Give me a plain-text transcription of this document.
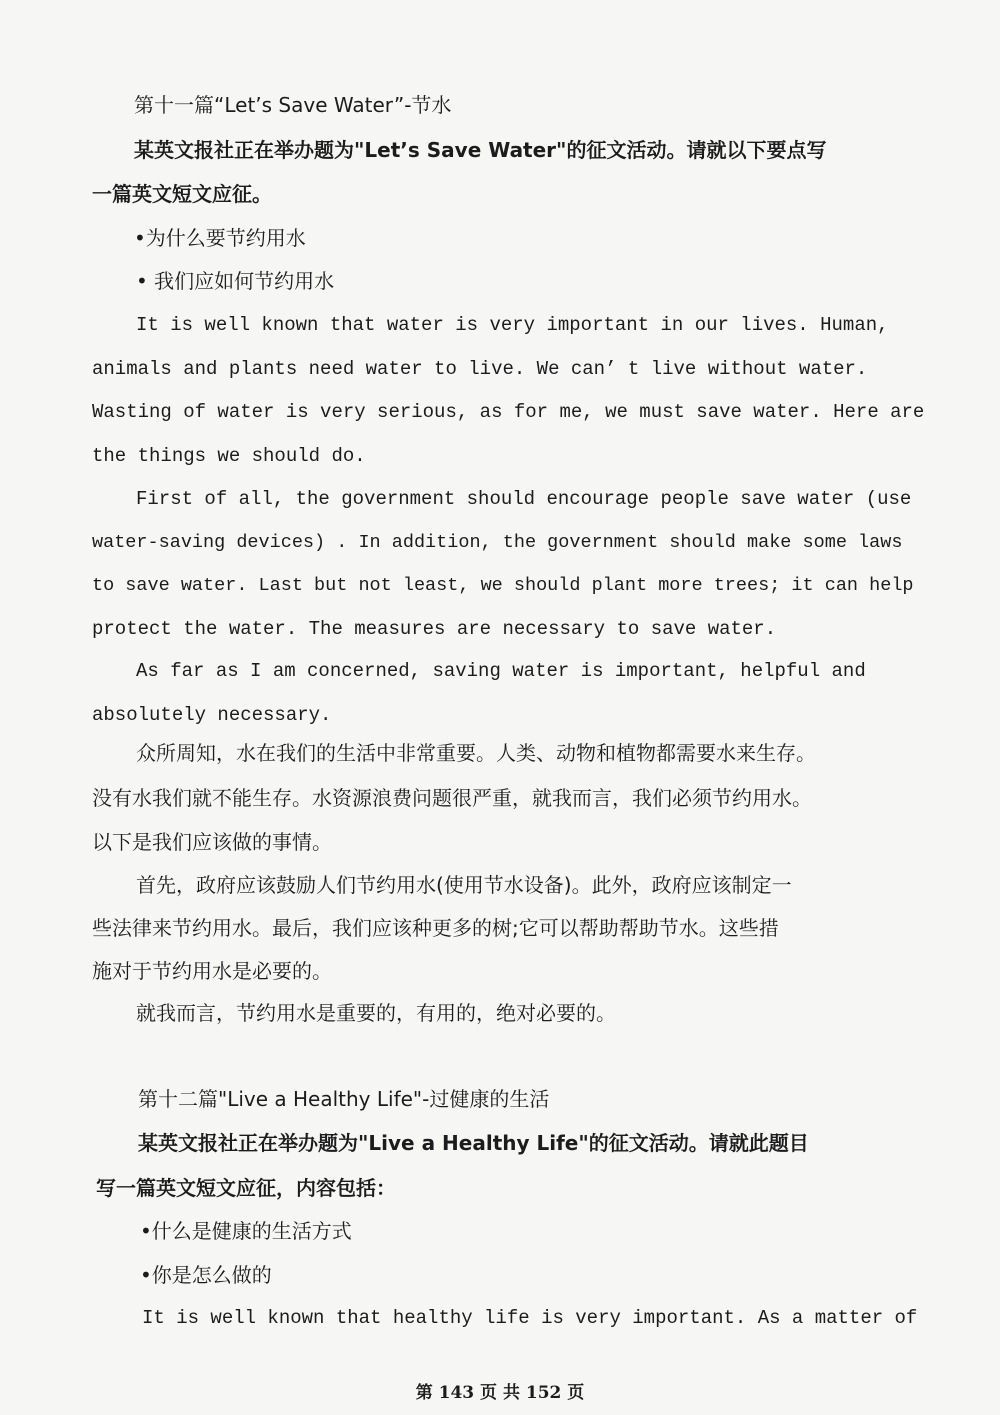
第十一篇“Let’s Save Water”-节水
某英文报社正在举办题为"Let’s Save Water"的征文活动。请就以下要点写
一篇英文短文应征。
•为什么要节约用水
• 我们应如何节约用水
It is well known that water is very important in our lives. Human,
animals and plants need water to live. We can’ t live without water.
Wasting of water is very serious, as for me, we must save water. Here are
the things we should do.
First of all, the government should encourage people save water (use
water-saving devices) . In addition, the government should make some laws
to save water. Last but not least, we should plant more trees; it can help
protect the water. The measures are necessary to save water.
As far as I am concerned, saving water is important, helpful and
absolutely necessary.
众所周知，水在我们的生活中非常重要。人类、动物和植物都需要水来生存。
没有水我们就不能生存。水资源浪费问题很严重，就我而言，我们必须节约用水。
以下是我们应该做的事情。
首先，政府应该鼓励人们节约用水(使用节水设备)。此外，政府应该制定一
些法律来节约用水。最后，我们应该种更多的树;它可以帮助帮助节水。这些措
施对于节约用水是必要的。
就我而言，节约用水是重要的，有用的，绝对必要的。
第十二篇"Live a Healthy Life"-过健康的生活
某英文报社正在举办题为"Live a Healthy Life"的征文活动。请就此题目
写一篇英文短文应征，内容包括：
•什么是健康的生活方式
•你是怎么做的
It is well known that healthy life is very important. As a matter of
第 143 页 共 152 页
